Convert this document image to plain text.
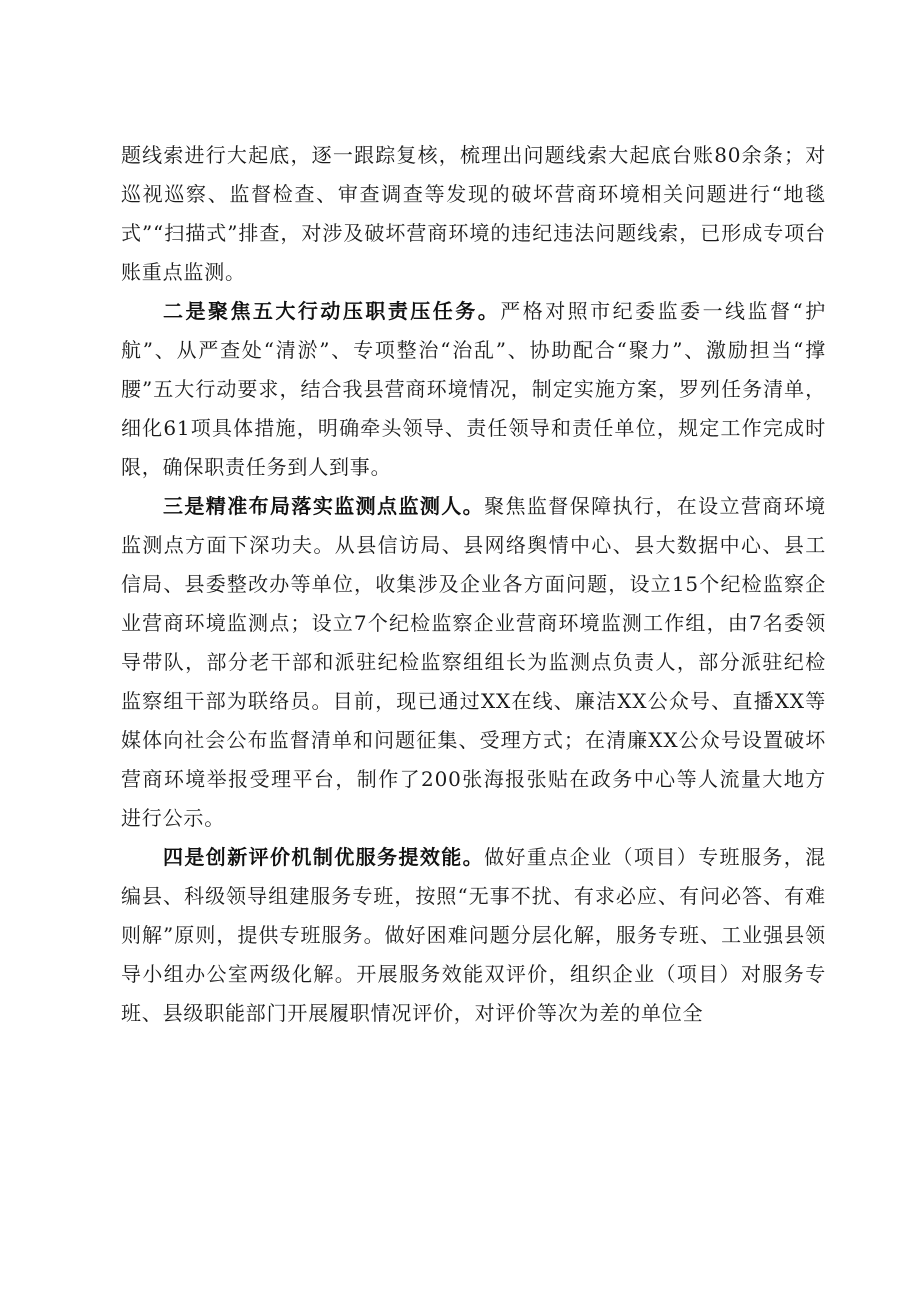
题线索进行大起底，逐一跟踪复核，梳理出问题线索大起底台账80余条；对巡视巡察、监督检查、审查调查等发现的破坏营商环境相关问题进行“地毯式”“扫描式”排查，对涉及破坏营商环境的违纪违法问题线索，已形成专项台账重点监测。

二是聚焦五大行动压职责压任务。严格对照市纪委监委一线监督“护航”、从严查处“清淤”、专项整治“治乱”、协助配合“聚力”、激励担当“撑腰”五大行动要求，结合我县营商环境情况，制定实施方案，罗列任务清单，细化61项具体措施，明确牵头领导、责任领导和责任单位，规定工作完成时限，确保职责任务到人到事。

三是精准布局落实监测点监测人。聚焦监督保障执行，在设立营商环境监测点方面下深功夫。从县信访局、县网络舆情中心、县大数据中心、县工信局、县委整改办等单位，收集涉及企业各方面问题，设立15个纪检监察企业营商环境监测点；设立7个纪检监察企业营商环境监测工作组，由7名委领导带队，部分老干部和派驻纪检监察组组长为监测点负责人，部分派驻纪检监察组干部为联络员。目前，现已通过XX在线、廉洁XX公众号、直播XX等媒体向社会公布监督清单和问题征集、受理方式；在清廉XX公众号设置破坏营商环境举报受理平台，制作了200张海报张贴在政务中心等人流量大地方进行公示。

四是创新评价机制优服务提效能。做好重点企业（项目）专班服务，混编县、科级领导组建服务专班，按照“无事不扰、有求必应、有问必答、有难则解”原则，提供专班服务。做好困难问题分层化解，服务专班、工业强县领导小组办公室两级化解。开展服务效能双评价，组织企业（项目）对服务专班、县级职能部门开展履职情况评价，对评价等次为差的单位全
